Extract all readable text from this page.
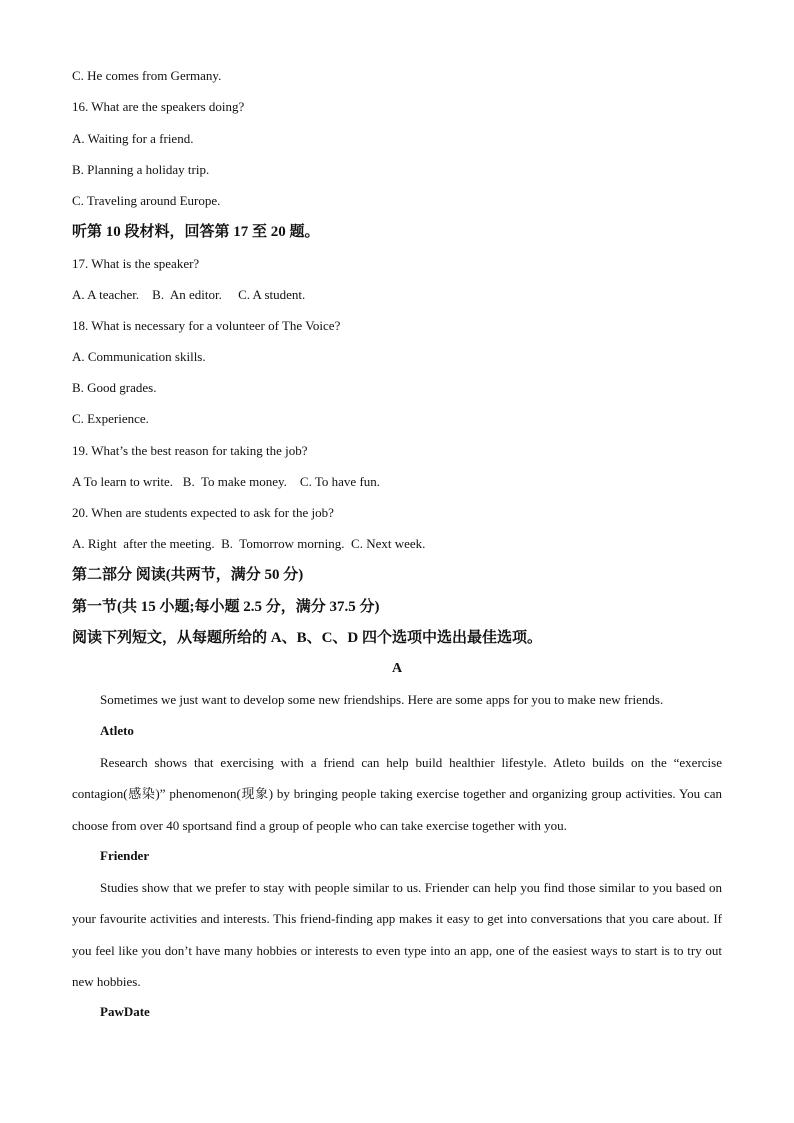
C. He comes from Germany.
16. What are the speakers doing?
A. Waiting for a friend.
B. Planning a holiday trip.
C. Traveling around Europe.
听第 10 段材料，回答第 17 至 20 题。
17. What is the speaker?
A. A teacher.    B.  An editor.     C. A student.
18. What is necessary for a volunteer of The Voice?
A. Communication skills.
B. Good grades.
C. Experience.
19. What’s the best reason for taking the job?
A To learn to write.   B.  To make money.    C. To have fun.
20. When are students expected to ask for the job?
A. Right  after the meeting.  B.  Tomorrow morning.  C. Next week.
第二部分 阅读(共两节，满分 50 分)
第一节(共 15 小题;每小题 2.5 分，满分 37.5 分)
阅读下列短文，从每题所给的 A、B、C、D 四个选项中选出最佳选项。
A
Sometimes we just want to develop some new friendships. Here are some apps for you to make new friends.
Atleto
Research shows that exercising with a friend can help build healthier lifestyle. Atleto builds on the “exercise contagion(感染)” phenomenon(现象) by bringing people taking exercise together and organizing group activities. You can choose from over 40 sportsand find a group of people who can take exercise together with you.
Friender
Studies show that we prefer to stay with people similar to us. Friender can help you find those similar to you based on your favourite activities and interests. This friend-finding app makes it easy to get into conversations that you care about. If you feel like you don’t have many hobbies or interests to even type into an app, one of the easiest ways to start is to try out new hobbies.
PawDate
